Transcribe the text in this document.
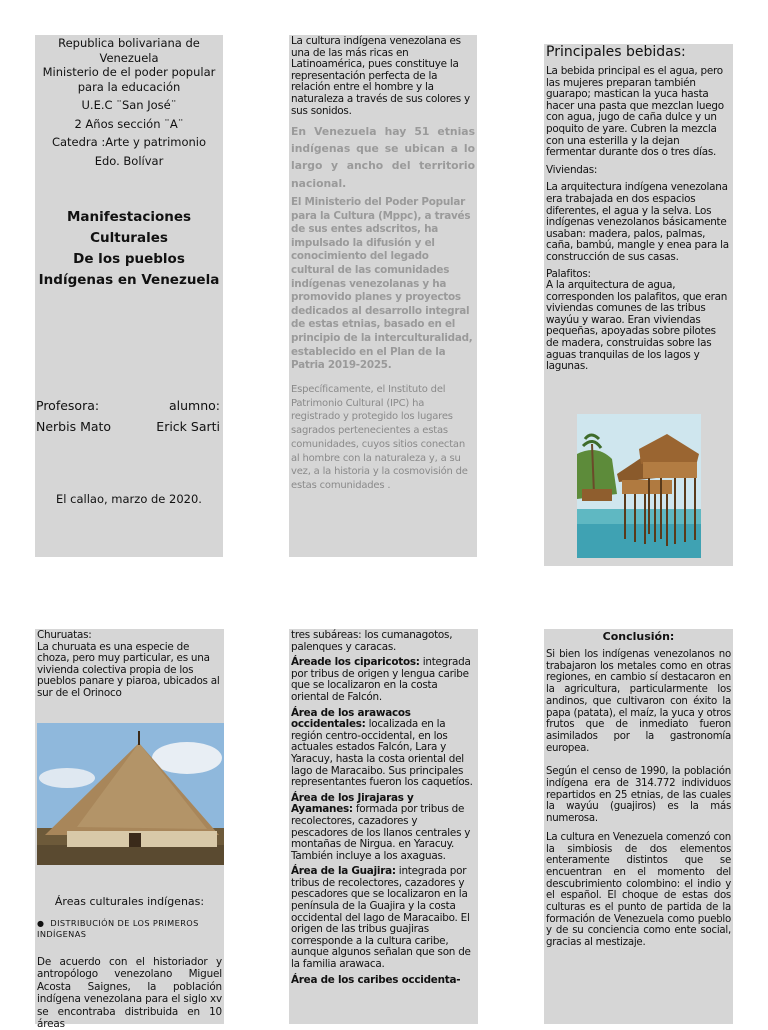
Republica bolivariana de Venezuela

Ministerio de el poder popular para la educación

U.E.C ¨San José¨

2 Años sección ¨A¨

Catedra :Arte y patrimonio

Edo. Bolívar

Manifestaciones

Culturales

De los pueblos

Indígenas en Venezuela

Profesora:	alumno:
Nerbis Mato	Erick Sarti

El callao, marzo de 2020.

La cultura indígena venezolana es una de las más ricas en Latinoamérica, pues constituye la representación perfecta de la relación entre el hombre y la naturaleza a través de sus colores y sus sonidos.

En Venezuela hay 51 etnias indígenas que se ubican a lo largo y ancho del territorio nacional.

El Ministerio del Poder Popular para la Cultura (Mppc), a través de sus entes adscritos, ha impulsado la difusión y el conocimiento del legado cultural de las comunidades indígenas venezolanas y ha promovido planes y proyectos dedicados al desarrollo integral de estas etnias, basado en el principio de la interculturalidad, establecido en el Plan de la Patria 2019-2025.

Específicamente, el Instituto del Patrimonio Cultural (IPC) ha registrado y protegido los lugares sagrados pertenecientes a estas comunidades, cuyos sitios conectan al hombre con la naturaleza y, a su vez, a la historia y la cosmovisión de estas comunidades .

Principales bebidas:

La bebida principal es el agua, pero las mujeres preparan también guarapo; mastican la yuca hasta hacer una pasta que mezclan luego con agua, jugo de caña dulce y un poquito de yare. Cubren la mezcla con una esterilla y la dejan fermentar durante dos o tres días.

Viviendas:

La arquitectura indígena venezolana era trabajada en dos espacios diferentes, el agua y la selva. Los indígenas venezolanos básicamente usaban: madera, palos, palmas, caña, bambú, mangle y enea para la construcción de sus casas.

Palafitos:

A la arquitectura de agua, corresponden los palafitos, que eran viviendas comunes de las tribus wayúu y warao. Eran viviendas pequeñas, apoyadas sobre pilotes de madera, construidas sobre las aguas tranquilas de los lagos y lagunas.

Churuatas:

La churuata es una especie de choza, pero muy particular, es una vivienda colectiva propia de los pueblos panare y piaroa, ubicados al sur de el Orinoco

Áreas culturales indígenas:

● DISTRIBUCIÓN DE LOS PRIMEROS INDÍGENAS

De acuerdo con el historiador y antropólogo venezolano Miguel Acosta Saignes, la población indígena venezolana para el siglo xv se encontraba distribuida en 10 áreas

tres subáreas: los cumanagotos, palenques y caracas.

Áreade los ciparicotos: integrada por tribus de origen y lengua caribe que se localizaron en la costa oriental de Falcón.

Área de los arawacos occidentales: localizada en la región centro-occidental, en los actuales estados Falcón, Lara y Yaracuy, hasta la costa oriental del lago de Maracaibo. Sus principales representantes fueron los caquetíos.

Área de los Jirajaras y Ayamanes: formada por tribus de recolectores, cazadores y pescadores de los llanos centrales y montañas de Nirgua. en Yaracuy. También incluye a los axaguas.

Área de la Guajira: integrada por tribus de recolectores, cazadores y pescadores que se localizaron en la península de la Guajira y la costa occidental del lago de Maracaibo. El origen de las tribus guajiras corresponde a la cultura caribe, aunque algunos señalan que son de la familia arawaca.

Área de los caribes occidenta-

Conclusión:

Si bien los indígenas venezolanos no trabajaron los metales como en otras regiones, en cambio sí destacaron en la agricultura, particularmente los andinos, que cultivaron con éxito la papa (patata), el maíz, la yuca y otros frutos que de inmediato fueron asimilados por la gastronomía europea.

Según el censo de 1990, la población indígena era de 314.772 individuos repartidos en 25 etnias, de las cuales la wayúu (guajiros) es la más numerosa.

La cultura en Venezuela comenzó con la simbiosis de dos elementos enteramente distintos que se encuentran en el momento del descubrimiento colombino: el indio y el español. El choque de estas dos culturas es el punto de partida de la formación de Venezuela como pueblo y de su conciencia como ente social, gracias al mestizaje.
